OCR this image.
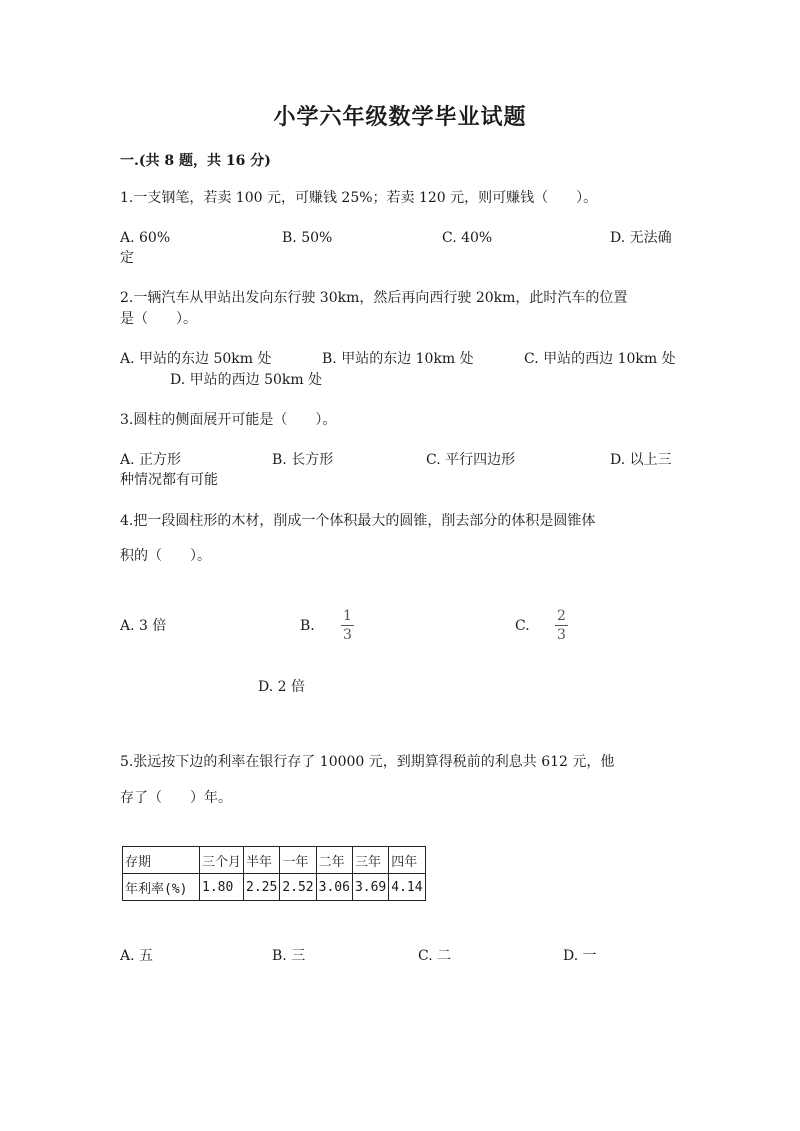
小学六年级数学毕业试题
一.(共 8 题，共 16 分)
1.一支钢笔，若卖 100 元，可赚钱 25%；若卖 120 元，则可赚钱（　　）。
A. 60%	B. 50%	C. 40%	D. 无法确
定
2.一辆汽车从甲站出发向东行驶 30km，然后再向西行驶 20km，此时汽车的位置
是（　　）。
A. 甲站的东边 50km 处	B. 甲站的东边 10km 处	C. 甲站的西边 10km 处
D. 甲站的西边 50km 处
3.圆柱的侧面展开可能是（　　）。
A. 正方形	B. 长方形	C. 平行四边形	D. 以上三
种情况都有可能
4.把一段圆柱形的木材，削成一个体积最大的圆锥，削去部分的体积是圆锥体
积的（　　）。
A. 3 倍	B.
1
3
C.
2
3
D. 2 倍
5.张远按下边的利率在银行存了 10000 元，到期算得税前的利息共 612 元，他
存了（　　）年。
存期	三个月	半年	一年	二年	三年	四年
年利率(%)	1.80	2.25	2.52	3.06	3.69	4.14
A. 五	B. 三	C. 二	D. 一
